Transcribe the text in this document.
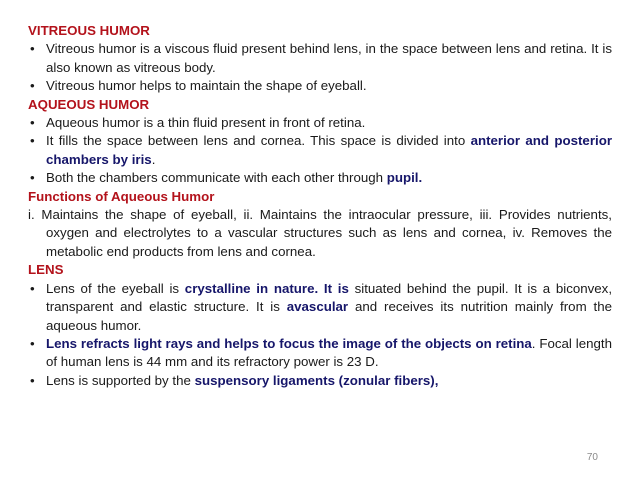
VITREOUS HUMOR
• Vitreous humor is a viscous fluid present behind lens, in the space between lens and retina. It is also known as vitreous body.
• Vitreous humor helps to maintain the shape of eyeball.
AQUEOUS HUMOR
• Aqueous humor is a thin fluid present in front of retina.
• It fills the space between lens and cornea. This space is divided into anterior and posterior chambers by iris.
• Both the chambers communicate with each other through pupil.
Functions of Aqueous Humor
i. Maintains the shape of eyeball, ii. Maintains the intraocular pressure, iii. Provides nutrients, oxygen and electrolytes to a vascular structures such as lens and cornea, iv. Removes the metabolic end products from lens and cornea.
LENS
• Lens of the eyeball is crystalline in nature. It is situated behind the pupil. It is a biconvex, transparent and elastic structure. It is avascular and receives its nutrition mainly from the aqueous humor.
• Lens refracts light rays and helps to focus the image of the objects on retina. Focal length of human lens is 44 mm and its refractory power is 23 D.
• Lens is supported by the suspensory ligaments (zonular fibers),
70
